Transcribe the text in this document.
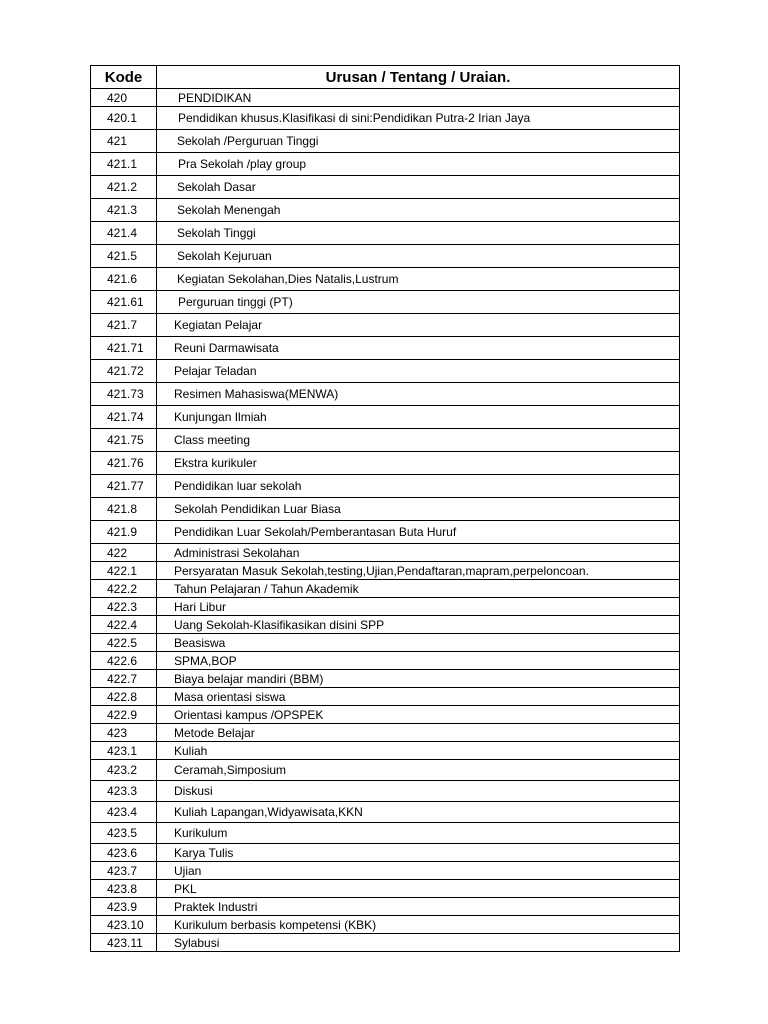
Kode	Urusan / Tentang / Uraian.
420	PENDIDIKAN
420.1	Pendidikan khusus.Klasifikasi di sini:Pendidikan Putra-2 Irian Jaya
421	Sekolah /Perguruan Tinggi
421.1	Pra Sekolah /play group
421.2	Sekolah Dasar
421.3	Sekolah Menengah
421.4	Sekolah Tinggi
421.5	Sekolah Kejuruan
421.6	Kegiatan Sekolahan,Dies Natalis,Lustrum
421.61	Perguruan tinggi (PT)
421.7	Kegiatan Pelajar
421.71	Reuni Darmawisata
421.72	Pelajar Teladan
421.73	Resimen Mahasiswa(MENWA)
421.74	Kunjungan Ilmiah
421.75	Class meeting
421.76	Ekstra kurikuler
421.77	Pendidikan luar sekolah
421.8	Sekolah Pendidikan Luar Biasa
421.9	Pendidikan Luar Sekolah/Pemberantasan Buta Huruf
422	Administrasi Sekolahan
422.1	Persyaratan Masuk Sekolah,testing,Ujian,Pendaftaran,mapram,perpeloncoan.
422.2	Tahun Pelajaran / Tahun Akademik
422.3	Hari Libur
422.4	Uang Sekolah-Klasifikasikan disini SPP
422.5	Beasiswa
422.6	SPMA,BOP
422.7	Biaya belajar mandiri (BBM)
422.8	Masa orientasi siswa
422.9	Orientasi kampus /OPSPEK
423	Metode Belajar
423.1	Kuliah
423.2	Ceramah,Simposium
423.3	Diskusi
423.4	Kuliah Lapangan,Widyawisata,KKN
423.5	Kurikulum
423.6	Karya Tulis
423.7	Ujian
423.8	PKL
423.9	Praktek Industri
423.10	Kurikulum berbasis kompetensi (KBK)
423.11	Sylabusi
